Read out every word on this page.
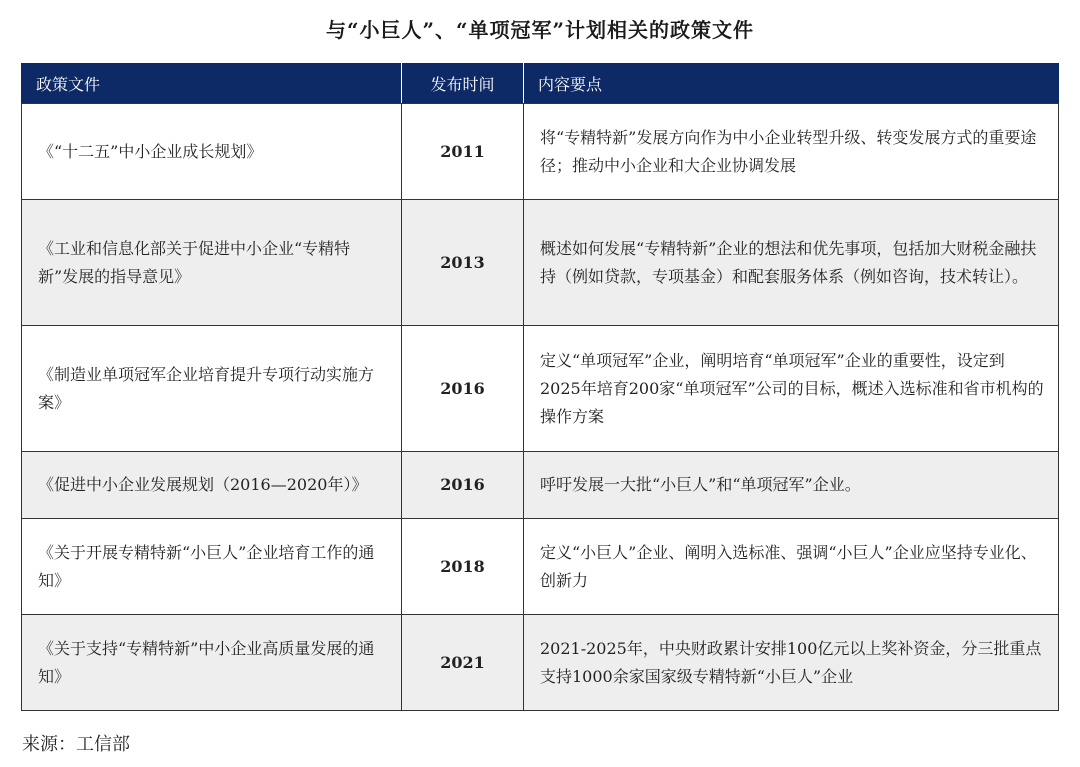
与“小巨人”、“单项冠军”计划相关的政策文件
政策文件	发布时间	内容要点
《“十二五”中小企业成长规划》	2011	将“专精特新”发展方向作为中小企业转型升级、转变发展方式的重要途径；推动中小企业和大企业协调发展
《工业和信息化部关于促进中小企业“专精特新”发展的指导意见》	2013	概述如何发展“专精特新”企业的想法和优先事项，包括加大财税金融扶持（例如贷款，专项基金）和配套服务体系（例如咨询，技术转让）。
《制造业单项冠军企业培育提升专项行动实施方案》	2016	定义“单项冠军”企业，阐明培育“单项冠军”企业的重要性，设定到2025年培育200家“单项冠军”公司的目标，概述入选标准和省市机构的操作方案
《促进中小企业发展规划（2016—2020年）》	2016	呼吁发展一大批“小巨人”和“单项冠军”企业。
《关于开展专精特新“小巨人”企业培育工作的通知》	2018	定义“小巨人”企业、阐明入选标准、强调“小巨人”企业应坚持专业化、创新力
《关于支持“专精特新”中小企业高质量发展的通知》	2021	2021-2025年，中央财政累计安排100亿元以上奖补资金，分三批重点支持1000余家国家级专精特新“小巨人”企业
来源：工信部
